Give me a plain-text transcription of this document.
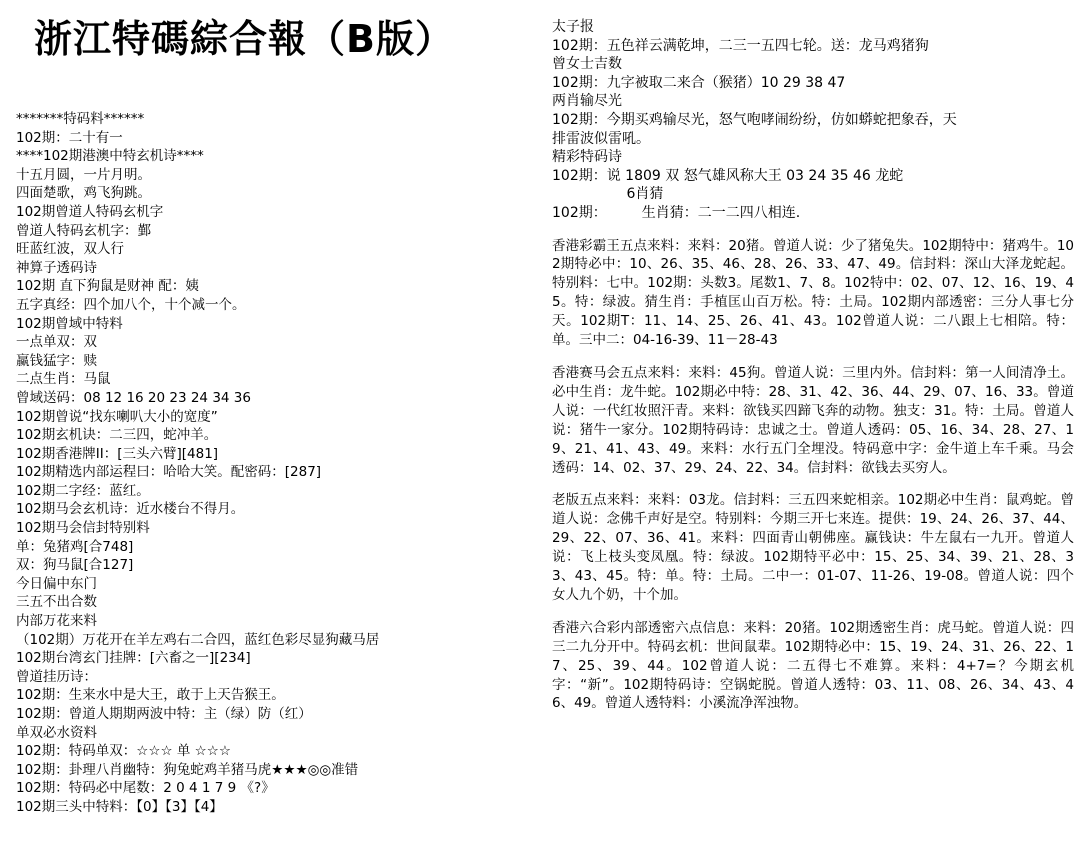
浙江特碼綜合報（B版）
*******特码料******
102期：二十有一
****102期港澳中特玄机诗****
十五月圆，一片月明。
四面楚歌，鸡飞狗跳。
102期曾道人特码玄机字
曾道人特码玄机字：鄞
旺蓝红波，双人行
神算子透码诗
102期 直下狗鼠是财神 配：姨
五字真经：四个加八个，十个减一个。
102期曾域中特料
一点单双：双
赢钱猛字：赎
二点生肖：马鼠
曾域送码：08 12 16 20 23 24 34 36
102期曾说“找东喇叭大小的宽度”
102期玄机诀：二三四，蛇冲羊。
102期香港牌II：[三头六臂][481]
102期精选内部运程曰：哈哈大笑。配密码：[287]
102期二字经：蓝红。
102期马会玄机诗：近水楼台不得月。
102期马会信封特别料
单：兔猪鸡[合748]
双：狗马鼠[合127]
今日偏中东门
三五不出合数
内部万花来料
（102期）万花开在羊左鸡右二合四，蓝红色彩尽显狗藏马居
102期台湾玄门挂牌：[六畜之一][234]
曾道挂历诗：
102期：生来水中是大王，敢于上天告猴王。
102期：曾道人期期两波中特：主（绿）防（红）
单双必水资料
102期：特码单双：☆☆☆ 单 ☆☆☆
102期：卦理八肖幽特：狗兔蛇鸡羊猪马虎★★★◎◎准错
102期：特码必中尾数：2 0 4 1 7 9 《?》
102期三头中特料：【0】【3】【4】
太子报
102期：五色祥云满乾坤，二三一五四七轮。送：龙马鸡猪狗
曾女士吉数
102期：九字被取二来合（猴猪）10 29 38 47
两肖输尽光
102期：今期买鸡输尽光，怒气咆哮闹纷纷，仿如蟒蛇把象吞，天
排雷波似雷吼。
精彩特码诗
102期：说 1809 双 怒气雄风称大王 03 24 35 46 龙蛇
　　　　　 6肖猜
102期：　　　生肖猜：二一二四八相连.

香港彩霸王五点来料：来料：20猪。曾道人说：少了猪兔失。102期特中：猪鸡牛。102期特必中：10、26、35、46、28、26、33、47、49。信封料：深山大泽龙蛇起。特别料：七中。102期：头数3。尾数1、7、8。102特中：02、07、12、16、19、45。特：绿波。猜生肖：手植匡山百万松。特：土局。102期内部透密：三分人事七分天。102期T：11、14、25、26、41、43。102曾道人说：二八跟上七相陪。特：单。三中二：04-16-39、11－28-43

香港赛马会五点来料：来料：45狗。曾道人说：三里内外。信封料：第一人间清净土。必中生肖：龙牛蛇。102期必中特：28、31、42、36、44、29、07、16、33。曾道人说：一代红妆照汗青。来料：欲钱买四蹄飞奔的动物。独支：31。特：土局。曾道人说：猪牛一家分。102期特码诗：忠诚之士。曾道人透码：05、16、34、28、27、19、21、41、43、49。来料：水行五门全埋没。特码意中字：金牛道上车千乘。马会透码：14、02、37、29、24、22、34。信封料：欲钱去买穷人。

老版五点来料：来料：03龙。信封料：三五四来蛇相亲。102期必中生肖：鼠鸡蛇。曾道人说：念佛千声好是空。特别料：今期三开七来连。提供：19、24、26、37、44、29、22、07、36、41。来料：四面青山朝佛座。赢钱诀：牛左鼠右一九开。曾道人说：飞上枝头变凤凰。特：绿波。102期特平必中：15、25、34、39、21、28、33、43、45。特：单。特：土局。二中一：01-07、11-26、19-08。曾道人说：四个女人九个奶，十个加。

香港六合彩内部透密六点信息：来料：20猪。102期透密生肖：虎马蛇。曾道人说：四三二九分开中。特码玄机：世间鼠辈。102期特必中：15、19、24、31、26、22、17、25、39、44。102曾道人说：二五得七不难算。来料：4+7=？今期玄机字：“新”。102期特码诗：空锅蛇脱。曾道人透特：03、11、08、26、34、43、46、49。曾道人透特料：小溪流净浑浊物。
